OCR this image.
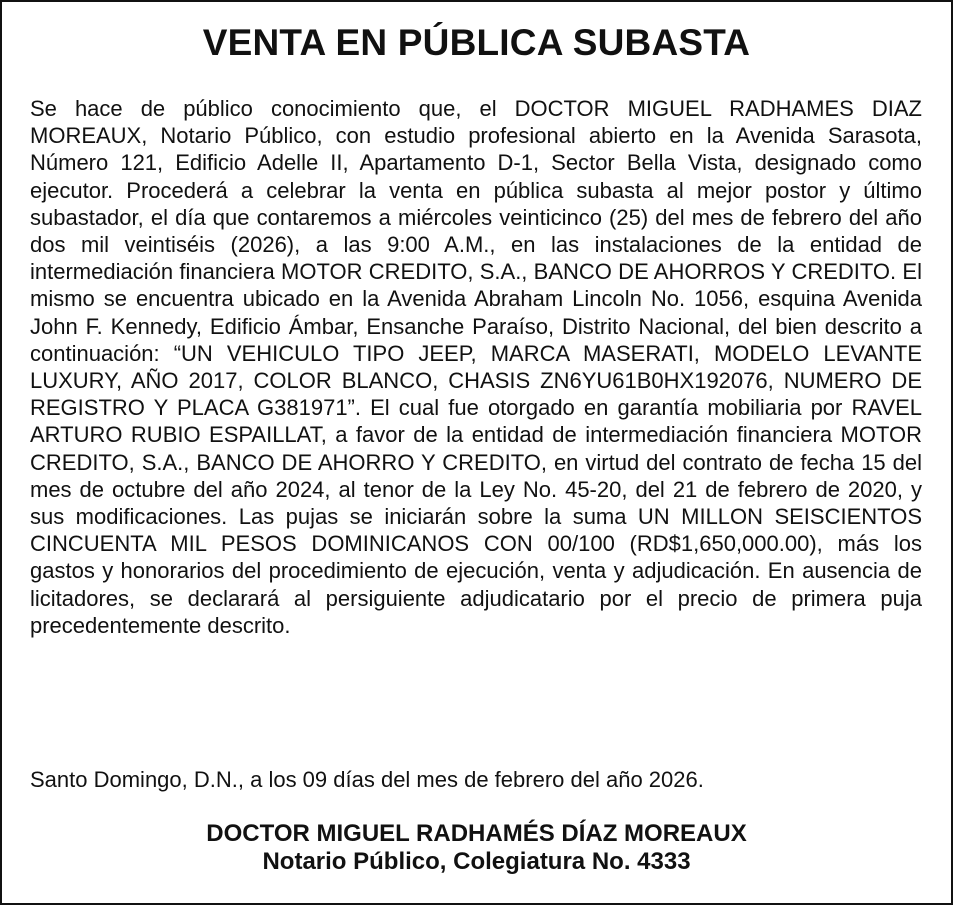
VENTA EN PÚBLICA SUBASTA

Se hace de público conocimiento que, el DOCTOR MIGUEL RADHAMES DIAZ MOREAUX, Notario Público, con estudio profesional abierto en la Avenida Sarasota, Número 121, Edificio Adelle II, Apartamento D-1, Sector Bella Vista, designado como ejecutor. Procederá a celebrar la venta en pública subasta al mejor postor y último subastador, el día que contaremos a miércoles veinticinco (25) del mes de febrero del año dos mil veintiséis (2026), a las 9:00 A.M., en las instalaciones de la entidad de intermediación financiera MOTOR CREDITO, S.A., BANCO DE AHORROS Y CREDITO. El mismo se encuentra ubicado en la Avenida Abraham Lincoln No. 1056, esquina Avenida John F. Kennedy, Edificio Ámbar, Ensanche Paraíso, Distrito Nacional, del bien descrito a continuación: “UN VEHICULO TIPO JEEP, MARCA MASERATI, MODELO LEVANTE LUXURY, AÑO 2017, COLOR BLANCO, CHASIS ZN6YU61B0HX192076, NUMERO DE REGISTRO Y PLACA G381971”. El cual fue otorgado en garantía mobiliaria por RAVEL ARTURO RUBIO ESPAILLAT, a favor de la entidad de intermediación financiera MOTOR CREDITO, S.A., BANCO DE AHORRO Y CREDITO, en virtud del contrato de fecha 15 del mes de octubre del año 2024, al tenor de la Ley No. 45-20, del 21 de febrero de 2020, y sus modificaciones. Las pujas se iniciarán sobre la suma UN MILLON SEISCIENTOS CINCUENTA MIL PESOS DOMINICANOS CON 00/100 (RD$1,650,000.00), más los gastos y honorarios del procedimiento de ejecución, venta y adjudicación. En ausencia de licitadores, se declarará al persiguiente adjudicatario por el precio de primera puja precedentemente descrito.

Santo Domingo, D.N., a los 09 días del mes de febrero del año 2026.

DOCTOR MIGUEL RADHAMÉS DÍAZ MOREAUX
Notario Público, Colegiatura No. 4333
